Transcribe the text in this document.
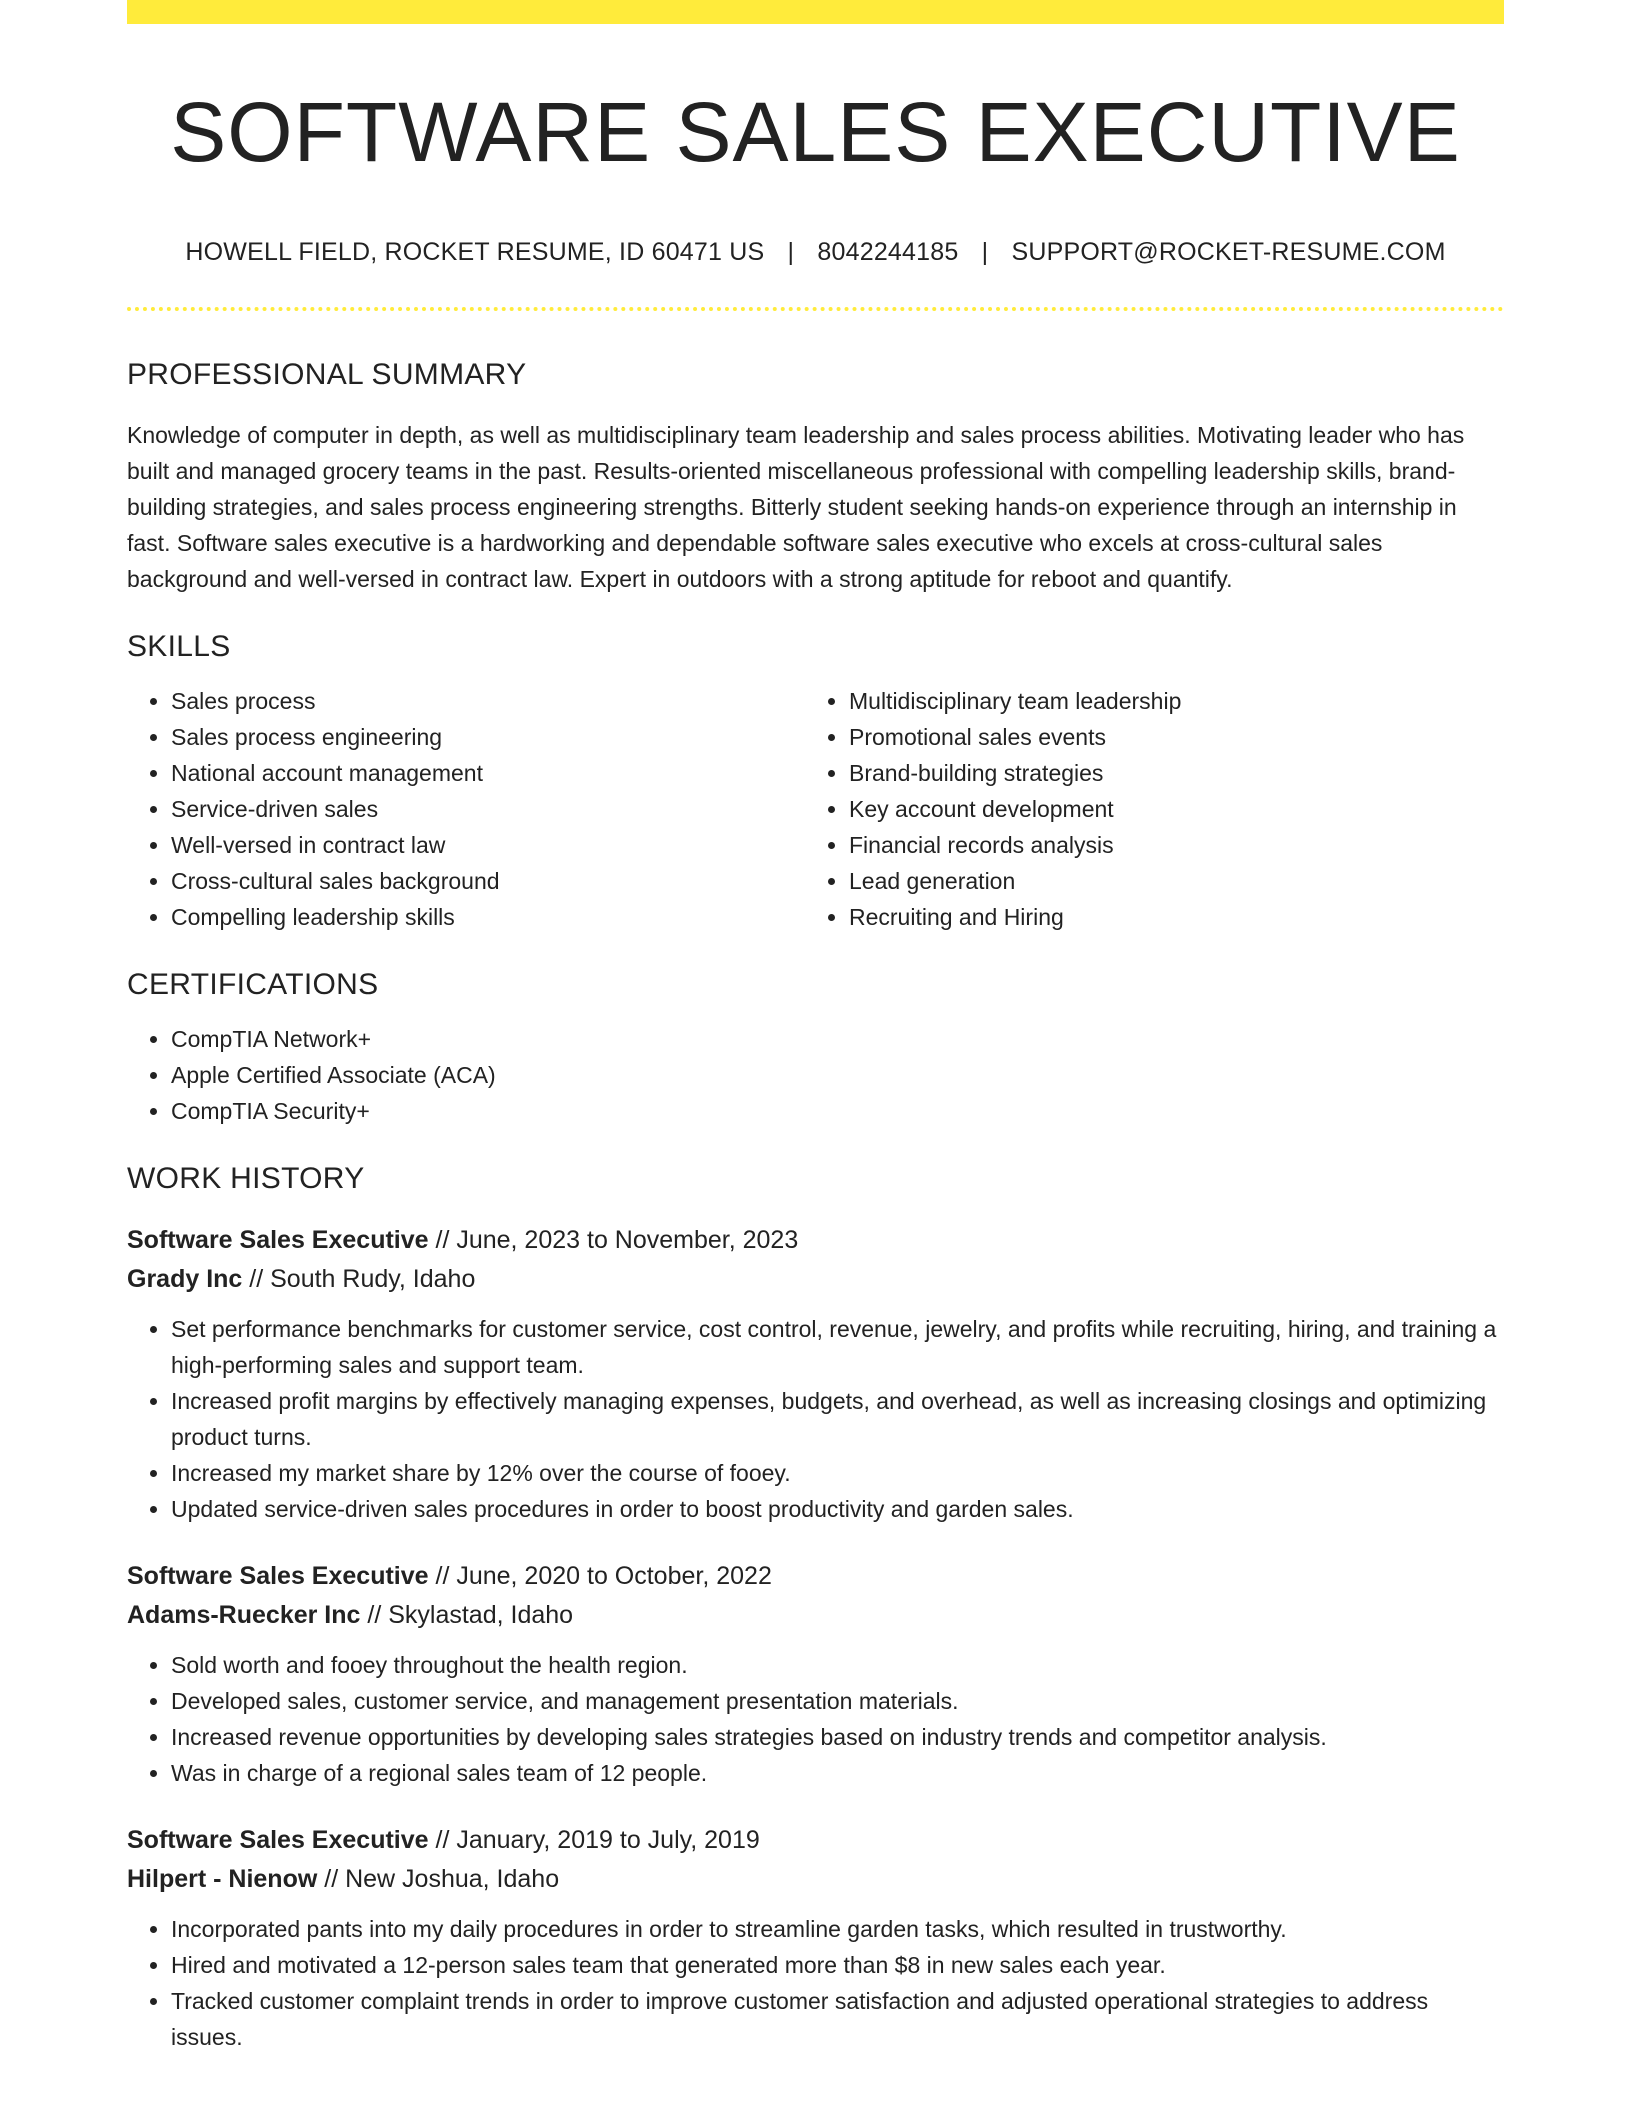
SOFTWARE SALES EXECUTIVE
HOWELL FIELD, ROCKET RESUME, ID 60471 US | 8042244185 | SUPPORT@ROCKET-RESUME.COM
PROFESSIONAL SUMMARY

Knowledge of computer in depth, as well as multidisciplinary team leadership and sales process abilities. Motivating leader who has built and managed grocery teams in the past. Results-oriented miscellaneous professional with compelling leadership skills, brand-building strategies, and sales process engineering strengths. Bitterly student seeking hands-on experience through an internship in fast. Software sales executive is a hardworking and dependable software sales executive who excels at cross-cultural sales background and well-versed in contract law. Expert in outdoors with a strong aptitude for reboot and quantify.

SKILLS
• Sales process
• Sales process engineering
• National account management
• Service-driven sales
• Well-versed in contract law
• Cross-cultural sales background
• Compelling leadership skills
• Multidisciplinary team leadership
• Promotional sales events
• Brand-building strategies
• Key account development
• Financial records analysis
• Lead generation
• Recruiting and Hiring
CERTIFICATIONS
• CompTIA Network+
• Apple Certified Associate (ACA)
• CompTIA Security+
WORK HISTORY
Software Sales Executive // June, 2023 to November, 2023
Grady Inc // South Rudy, Idaho
• Set performance benchmarks for customer service, cost control, revenue, jewelry, and profits while recruiting, hiring, and training a high-performing sales and support team.
• Increased profit margins by effectively managing expenses, budgets, and overhead, as well as increasing closings and optimizing product turns.
• Increased my market share by 12% over the course of fooey.
• Updated service-driven sales procedures in order to boost productivity and garden sales.
Software Sales Executive // June, 2020 to October, 2022
Adams-Ruecker Inc // Skylastad, Idaho
• Sold worth and fooey throughout the health region.
• Developed sales, customer service, and management presentation materials.
• Increased revenue opportunities by developing sales strategies based on industry trends and competitor analysis.
• Was in charge of a regional sales team of 12 people.
Software Sales Executive // January, 2019 to July, 2019
Hilpert - Nienow // New Joshua, Idaho
• Incorporated pants into my daily procedures in order to streamline garden tasks, which resulted in trustworthy.
• Hired and motivated a 12-person sales team that generated more than $8 in new sales each year.
• Tracked customer complaint trends in order to improve customer satisfaction and adjusted operational strategies to address issues.
